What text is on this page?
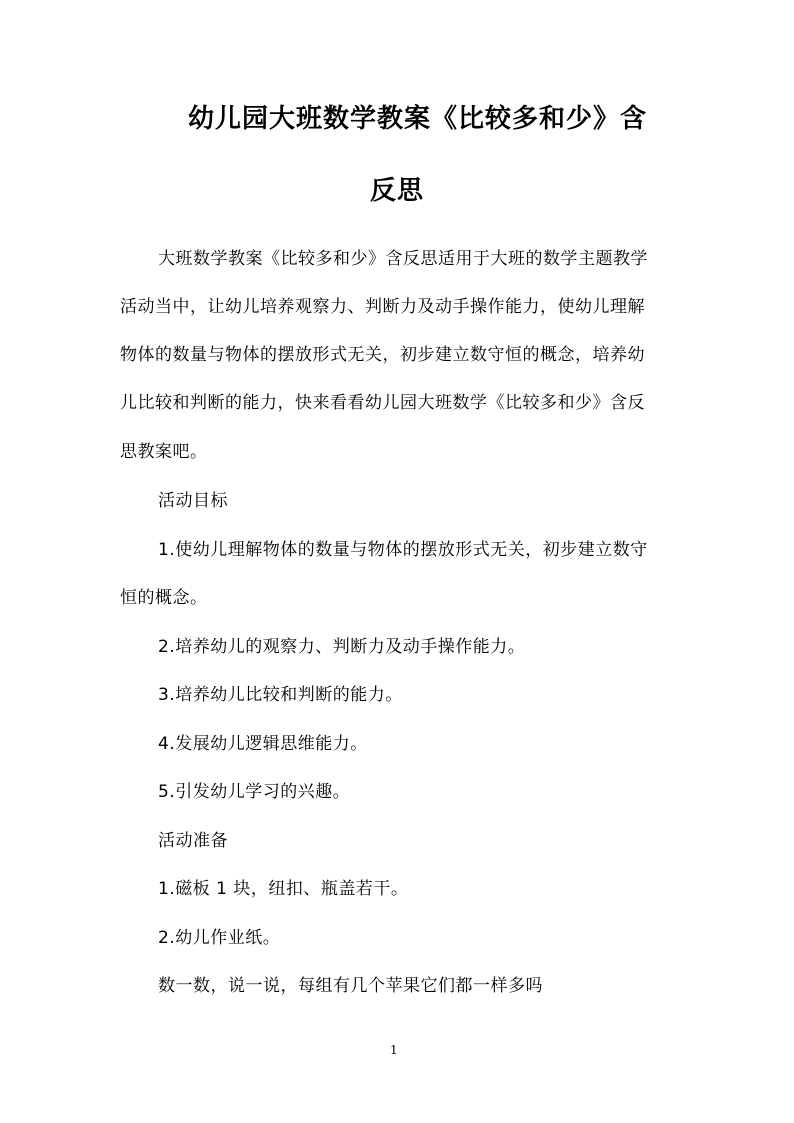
幼儿园大班数学教案《比较多和少》含
反思
大班数学教案《比较多和少》含反思适用于大班的数学主题教学
活动当中，让幼儿培养观察力、判断力及动手操作能力，使幼儿理解
物体的数量与物体的摆放形式无关，初步建立数守恒的概念，培养幼
儿比较和判断的能力，快来看看幼儿园大班数学《比较多和少》含反
思教案吧。
活动目标
1.使幼儿理解物体的数量与物体的摆放形式无关，初步建立数守
恒的概念。
2.培养幼儿的观察力、判断力及动手操作能力。
3.培养幼儿比较和判断的能力。
4.发展幼儿逻辑思维能力。
5.引发幼儿学习的兴趣。
活动准备
1.磁板 1 块，纽扣、瓶盖若干。
2.幼儿作业纸。
数一数，说一说，每组有几个苹果它们都一样多吗
1
